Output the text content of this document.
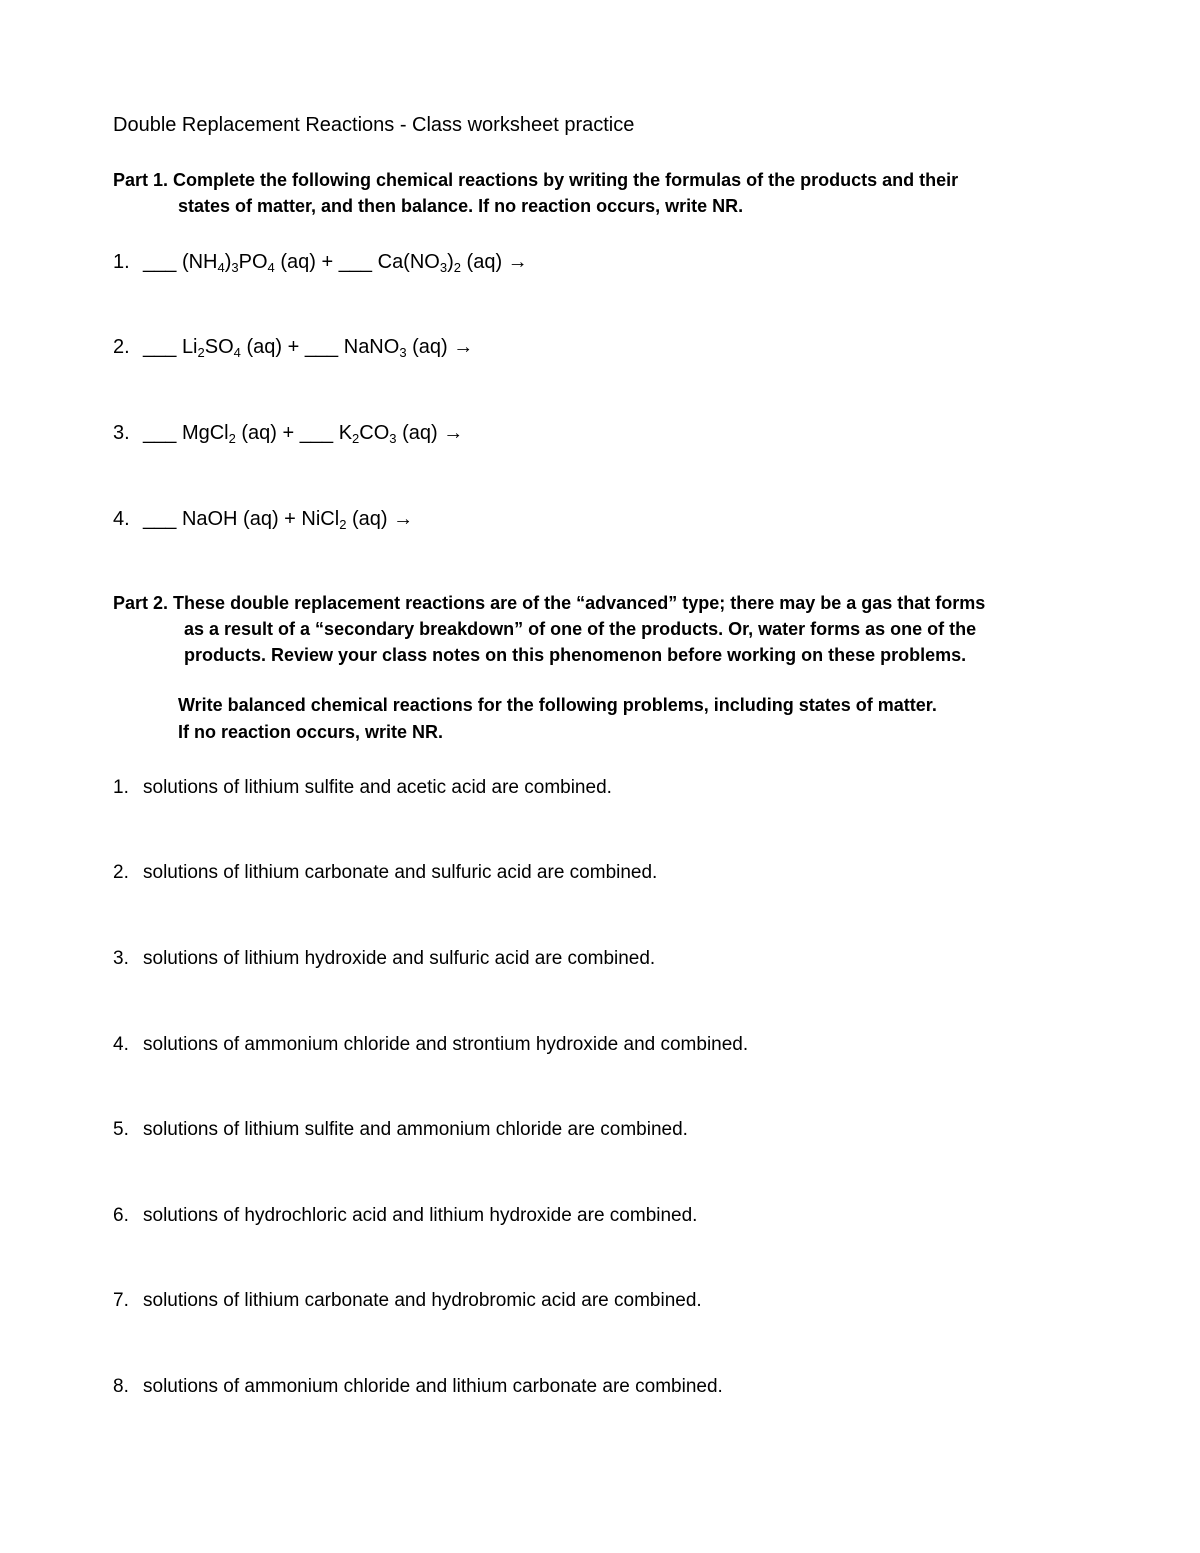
Double Replacement Reactions - Class worksheet practice
Part 1. Complete the following chemical reactions by writing the formulas of the products and their
states of matter, and then balance. If no reaction occurs, write NR.
1. ___ $(NH_4)_3PO_4$ (aq) + ___ $Ca(NO_3)_2$ (aq) →
2. ___ $Li_2SO_4$ (aq) + ___ NaNO$_3$ (aq) →
3. ___ MgCl$_2$ (aq) + ___ $K_2CO_3$ (aq) →
4. ___ NaOH (aq) + NiCl$_2$ (aq) →
Part 2. These double replacement reactions are of the “advanced” type; there may be a gas that forms
as a result of a “secondary breakdown” of one of the products. Or, water forms as one of the
products. Review your class notes on this phenomenon before working on these problems.
Write balanced chemical reactions for the following problems, including states of matter.
If no reaction occurs, write NR.
1. solutions of lithium sulfite and acetic acid are combined.
2. solutions of lithium carbonate and sulfuric acid are combined.
3. solutions of lithium hydroxide and sulfuric acid are combined.
4. solutions of ammonium chloride and strontium hydroxide and combined.
5. solutions of lithium sulfite and ammonium chloride are combined.
6. solutions of hydrochloric acid and lithium hydroxide are combined.
7. solutions of lithium carbonate and hydrobromic acid are combined.
8. solutions of ammonium chloride and lithium carbonate are combined.
